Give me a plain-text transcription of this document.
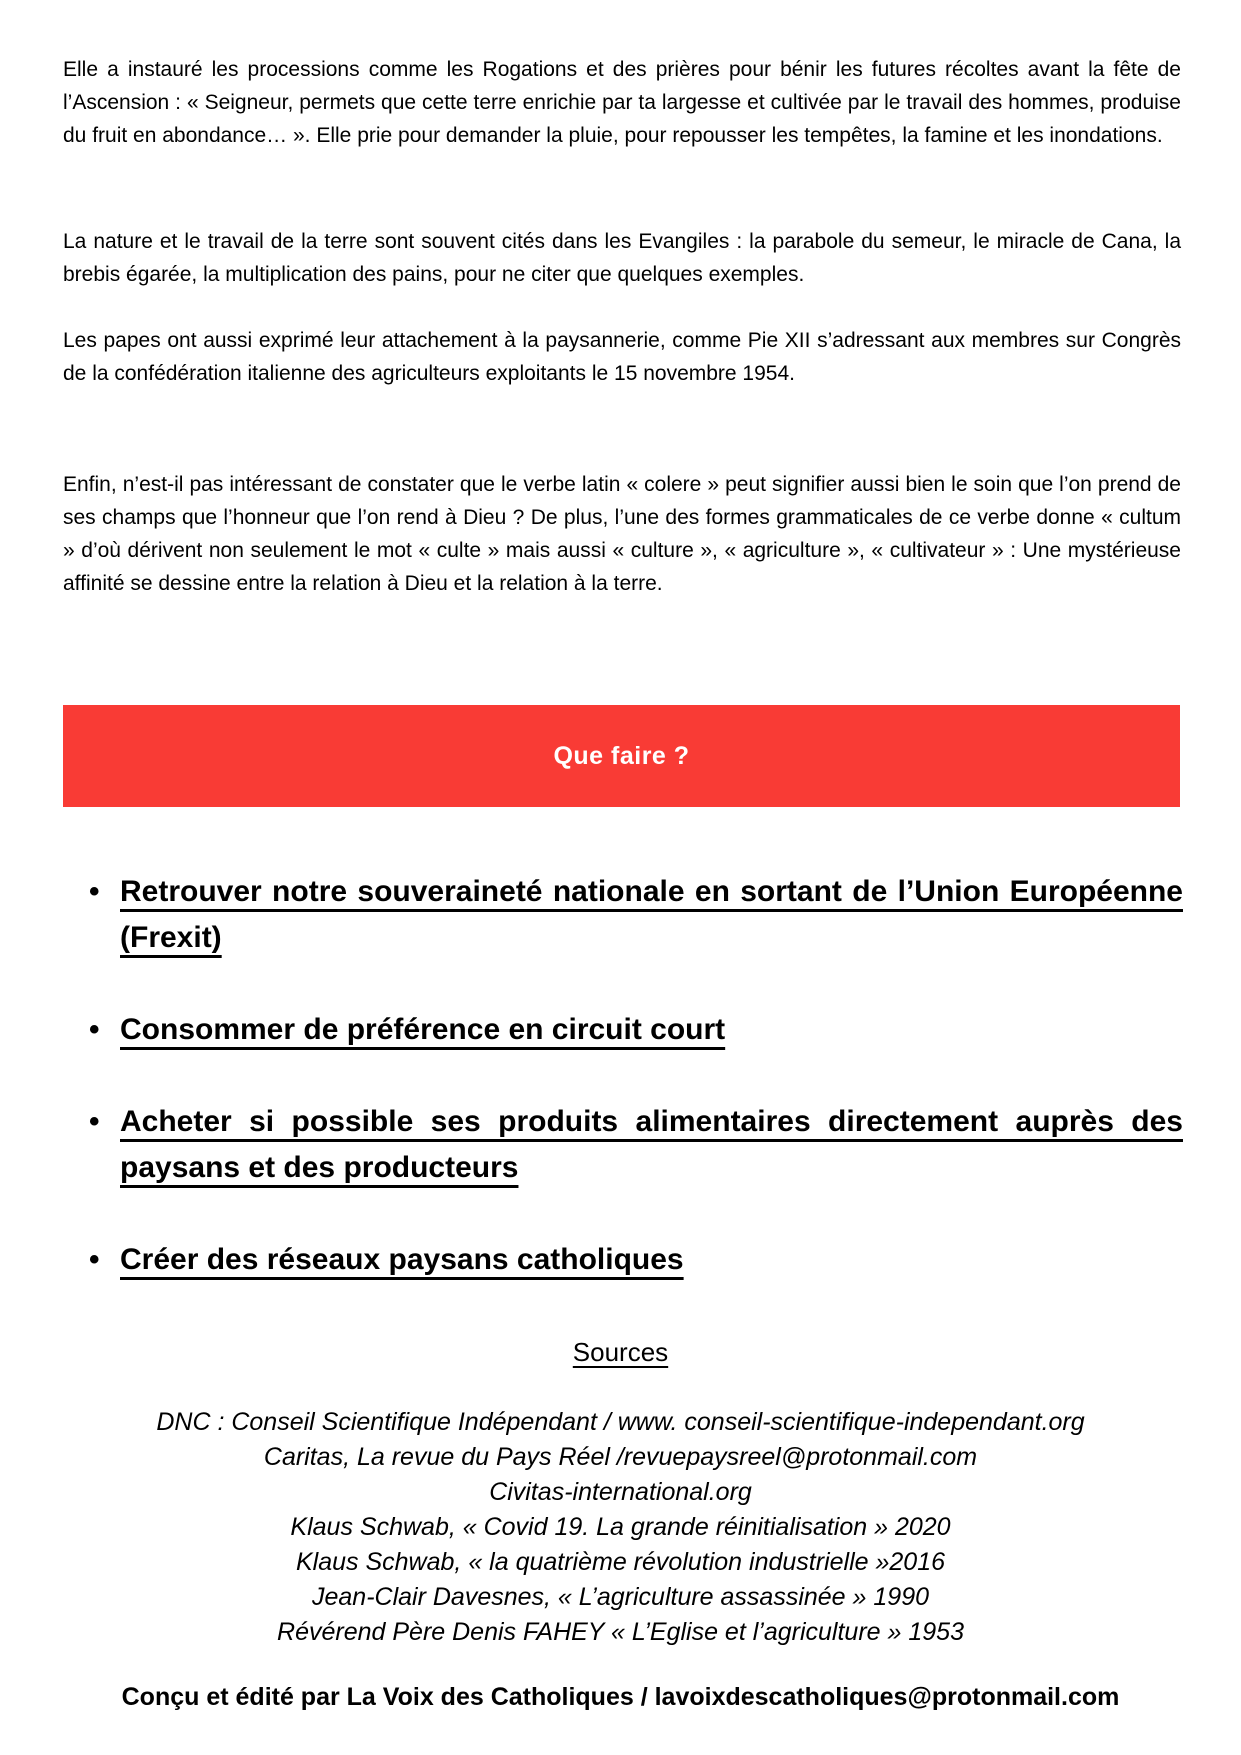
Elle a instauré les processions comme les Rogations et des prières pour bénir les futures récoltes avant la fête de l’Ascension : « Seigneur, permets que cette terre enrichie par ta largesse et cultivée par le travail des hommes, produise du fruit en abondance… ». Elle prie pour demander la pluie, pour repousser les tempêtes, la famine et les inondations.

La nature et le travail de la terre sont souvent cités dans les Evangiles : la parabole du semeur, le miracle de Cana, la brebis égarée, la multiplication des pains, pour ne citer que quelques exemples.

Les papes ont aussi exprimé leur attachement à la paysannerie, comme Pie XII s’adressant aux membres sur Congrès de la confédération italienne des agriculteurs exploitants le 15 novembre 1954.

Enfin, n’est-il pas intéressant de constater que le verbe latin « colere » peut signifier aussi bien le soin que l’on prend de ses champs que l’honneur que l’on rend à Dieu ? De plus, l’une des formes grammaticales de ce verbe donne « cultum » d’où dérivent non seulement le mot « culte » mais aussi « culture », « agriculture », « cultivateur » : Une mystérieuse affinité se dessine entre la relation à Dieu et la relation à la terre.

Que faire ?
• Retrouver notre souveraineté nationale en sortant de l’Union Européenne (Frexit)
• Consommer de préférence en circuit court
• Acheter si possible ses produits alimentaires directement auprès des paysans et des producteurs
• Créer des réseaux paysans catholiques
Sources
DNC : Conseil Scientifique Indépendant / www. conseil-scientifique-independant.org
Caritas, La revue du Pays Réel /revuepaysreel@protonmail.com
Civitas-international.org
Klaus Schwab, « Covid 19. La grande réinitialisation » 2020
Klaus Schwab, « la quatrième révolution industrielle »2016
Jean-Clair Davesnes, « L’agriculture assassinée » 1990
Révérend Père Denis FAHEY « L’Eglise et l’agriculture » 1953
Conçu et édité par La Voix des Catholiques / lavoixdescatholiques@protonmail.com
